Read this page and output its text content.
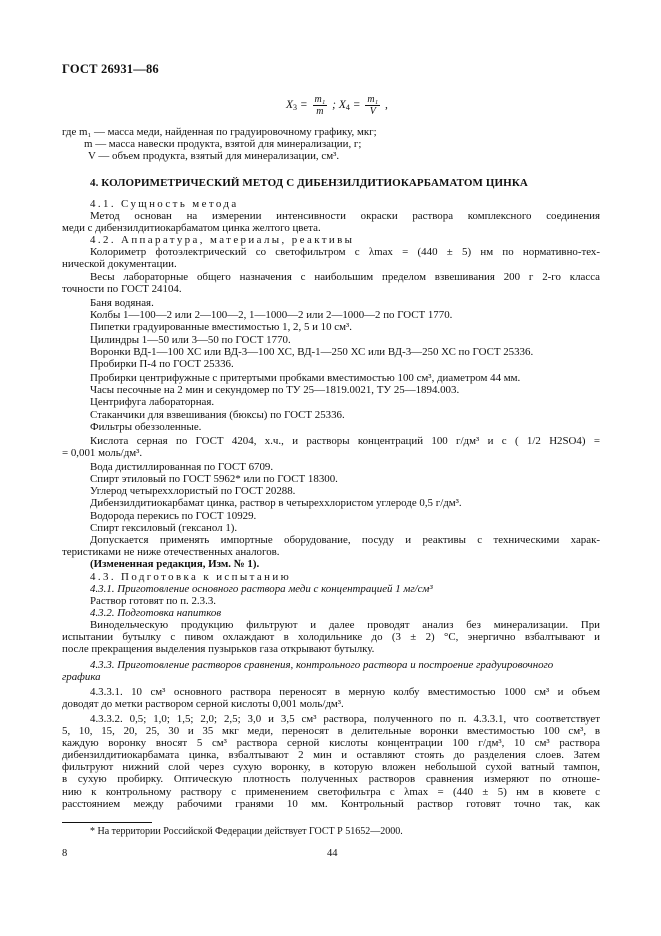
ГОСТ 26931—86
$X_3 = \frac{\text{m₁}}{m}$ ; $X_4 = \frac{\text{m₁}}{V}$ ,
где m₁ — масса меди, найденная по градуировочному графику, мкг;
m — масса навески продукта, взятой для минерализации, г;
V — объем продукта, взятый для минерализации, см³.
4. КОЛОРИМЕТРИЧЕСКИЙ МЕТОД С ДИБЕНЗИЛДИТИОКАРБАМАТОМ ЦИНКА
4.1. Сущность метода
Метод основан на измерении интенсивности окраски раствора комплексного соединения
меди с дибензилдитиокарбаматом цинка желтого цвета.
4.2. Аппаратура, материалы, реактивы
Колориметр фотоэлектрический со светофильтром с λmax = (440 ± 5) нм по нормативно-тех-
нической документации.
Весы лабораторные общего назначения с наибольшим пределом взвешивания 200 г 2-го класса
точности по ГОСТ 24104.
Баня водяная.
Колбы 1—100—2 или 2—100—2, 1—1000—2 или 2—1000—2 по ГОСТ 1770.
Пипетки градуированные вместимостью 1, 2, 5 и 10 см³.
Цилиндры 1—50 или 3—50 по ГОСТ 1770.
Воронки ВД-1—100 ХС или ВД-3—100 ХС, ВД-1—250 ХС или ВД-3—250 ХС по ГОСТ 25336.
Пробирки П-4 по ГОСТ 25336.
Пробирки центрифужные с притертыми пробками вместимостью 100 см³, диаметром 44 мм.
Часы песочные на 2 мин и секундомер по ТУ 25—1819.0021, ТУ 25—1894.003.
Центрифуга лабораторная.
Стаканчики для взвешивания (бюксы) по ГОСТ 25336.
Фильтры обеззоленные.
Кислота серная по ГОСТ 4204, х.ч., и растворы концентраций 100 г/дм³ и с ( 1/2 H2SO4) =
= 0,001 моль/дм³.
Вода дистиллированная по ГОСТ 6709.
Спирт этиловый по ГОСТ 5962* или по ГОСТ 18300.
Углерод четыреххлористый по ГОСТ 20288.
Дибензилдитиокарбамат цинка, раствор в четыреххлористом углероде 0,5 г/дм³.
Водорода перекись по ГОСТ 10929.
Спирт гексиловый (гексанол 1).
Допускается применять импортные оборудование, посуду и реактивы с техническими харак-
теристиками не ниже отечественных аналогов.
(Измененная редакция, Изм. № 1).
4.3. Подготовка к испытанию
4.3.1. Приготовление основного раствора меди с концентрацией 1 мг/см³
Раствор готовят по п. 2.3.3.
4.3.2. Подготовка напитков
Винодельческую продукцию фильтруют и далее проводят анализ без минерализации. При
испытании бутылку с пивом охлаждают в холодильнике до (3 ± 2) °С, энергично взбалтывают и
после прекращения выделения пузырьков газа открывают бутылку.
4.3.3. Приготовление растворов сравнения, контрольного раствора и построение градуировочного
графика
4.3.3.1. 10 см³ основного раствора переносят в мерную колбу вместимостью 1000 см³ и объем
доводят до метки раствором серной кислоты 0,001 моль/дм³.
4.3.3.2. 0,5; 1,0; 1,5; 2,0; 2,5; 3,0 и 3,5 см³ раствора, полученного по п. 4.3.3.1, что соответствует
5, 10, 15, 20, 25, 30 и 35 мкг меди, переносят в делительные воронки вместимостью 100 см³, в
каждую воронку вносят 5 см³ раствора серной кислоты концентрации 100 г/дм³, 10 см³ раствора
дибензилдитиокарбамата цинка, взбалтывают 2 мин и оставляют стоять до разделения слоев. Затем
фильтруют нижний слой через сухую воронку, в которую вложен небольшой сухой ватный тампон,
в сухую пробирку. Оптическую плотность полученных растворов сравнения измеряют по отноше-
нию к контрольному раствору с применением светофильтра с λmax = (440 ± 5) нм в кювете с
расстоянием между рабочими гранями 10 мм. Контрольный раствор готовят точно так, как
* На территории Российской Федерации действует ГОСТ Р 51652—2000.
8	44
